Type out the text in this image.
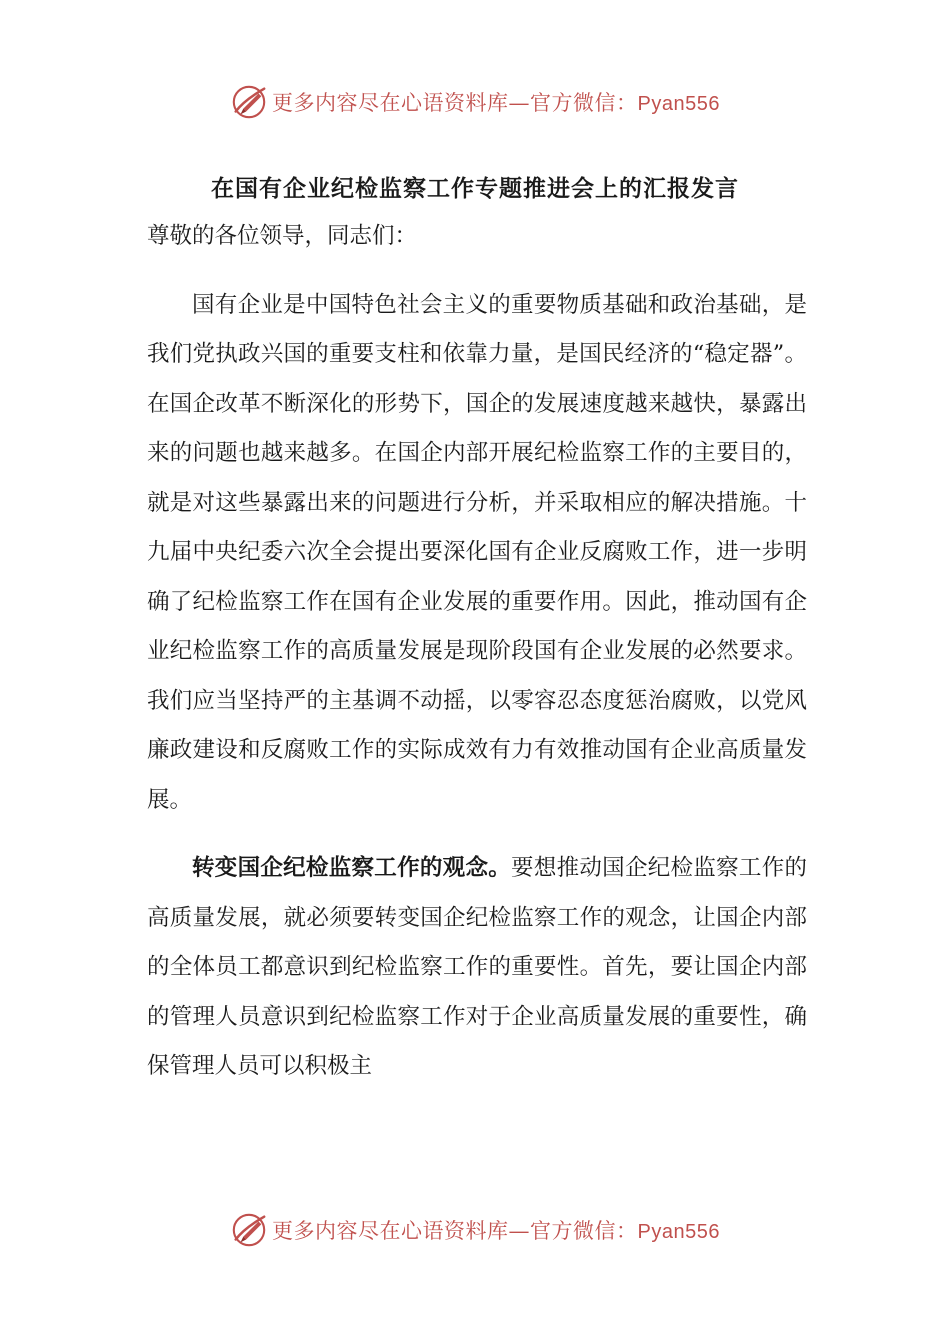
更多内容尽在心语资料库—官方微信：Pyan556
在国有企业纪检监察工作专题推进会上的汇报发言

尊敬的各位领导，同志们：

国有企业是中国特色社会主义的重要物质基础和政治基础，是我们党执政兴国的重要支柱和依靠力量，是国民经济的“稳定器”。在国企改革不断深化的形势下，国企的发展速度越来越快，暴露出来的问题也越来越多。在国企内部开展纪检监察工作的主要目的，就是对这些暴露出来的问题进行分析，并采取相应的解决措施。十九届中央纪委六次全会提出要深化国有企业反腐败工作，进一步明确了纪检监察工作在国有企业发展的重要作用。因此，推动国有企业纪检监察工作的高质量发展是现阶段国有企业发展的必然要求。我们应当坚持严的主基调不动摇，以零容忍态度惩治腐败，以党风廉政建设和反腐败工作的实际成效有力有效推动国有企业高质量发展。

转变国企纪检监察工作的观念。要想推动国企纪检监察工作的高质量发展，就必须要转变国企纪检监察工作的观念，让国企内部的全体员工都意识到纪检监察工作的重要性。首先，要让国企内部的管理人员意识到纪检监察工作对于企业高质量发展的重要性，确保管理人员可以积极主

更多内容尽在心语资料库—官方微信：Pyan556
